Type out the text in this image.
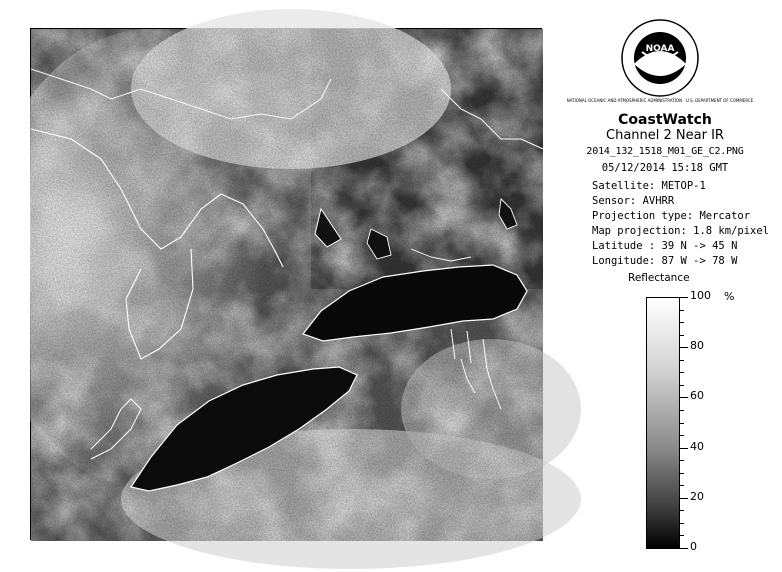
NOAA
NATIONAL OCEANIC AND ATMOSPHERIC ADMINISTRATION · U.S. DEPARTMENT OF COMMERCE
CoastWatch
Channel 2 Near IR
2014_132_1518_M01_GE_C2.PNG
05/12/2014 15:18 GMT
Satellite: METOP-1
Sensor: AVHRR
Projection type: Mercator
Map projection: 1.8 km/pixel
Latitude : 39 N -> 45 N
Longitude: 87 W -> 78 W
Reflectance
%
100
80
60
40
20
0
